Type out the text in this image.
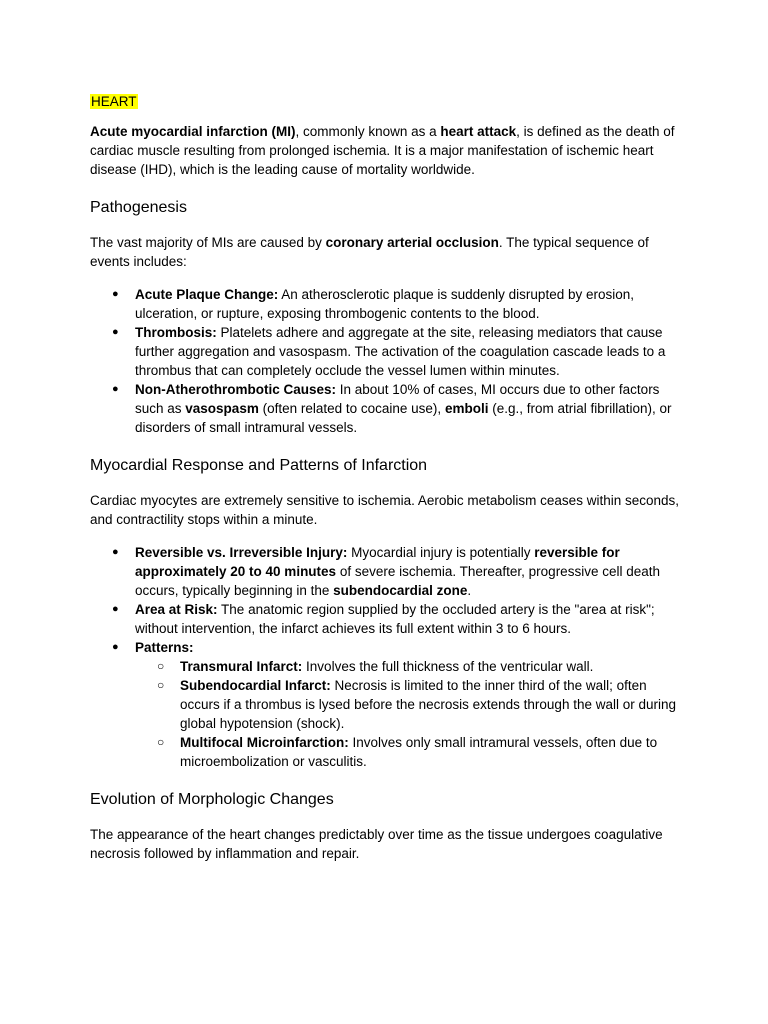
HEART

Acute myocardial infarction (MI), commonly known as a heart attack, is defined as the death of cardiac muscle resulting from prolonged ischemia. It is a major manifestation of ischemic heart disease (IHD), which is the leading cause of mortality worldwide.

Pathogenesis

The vast majority of MIs are caused by coronary arterial occlusion. The typical sequence of events includes:

● Acute Plaque Change: An atherosclerotic plaque is suddenly disrupted by erosion, ulceration, or rupture, exposing thrombogenic contents to the blood.
● Thrombosis: Platelets adhere and aggregate at the site, releasing mediators that cause further aggregation and vasospasm. The activation of the coagulation cascade leads to a thrombus that can completely occlude the vessel lumen within minutes.
● Non-Atherothrombotic Causes: In about 10% of cases, MI occurs due to other factors such as vasospasm (often related to cocaine use), emboli (e.g., from atrial fibrillation), or disorders of small intramural vessels.
Myocardial Response and Patterns of Infarction

Cardiac myocytes are extremely sensitive to ischemia. Aerobic metabolism ceases within seconds, and contractility stops within a minute.

● Reversible vs. Irreversible Injury: Myocardial injury is potentially reversible for approximately 20 to 40 minutes of severe ischemia. Thereafter, progressive cell death occurs, typically beginning in the subendocardial zone.
● Area at Risk: The anatomic region supplied by the occluded artery is the "area at risk"; without intervention, the infarct achieves its full extent within 3 to 6 hours.
● Patterns:
○ Transmural Infarct: Involves the full thickness of the ventricular wall.
○ Subendocardial Infarct: Necrosis is limited to the inner third of the wall; often occurs if a thrombus is lysed before the necrosis extends through the wall or during global hypotension (shock).
○ Multifocal Microinfarction: Involves only small intramural vessels, often due to microembolization or vasculitis.
Evolution of Morphologic Changes

The appearance of the heart changes predictably over time as the tissue undergoes coagulative necrosis followed by inflammation and repair.
